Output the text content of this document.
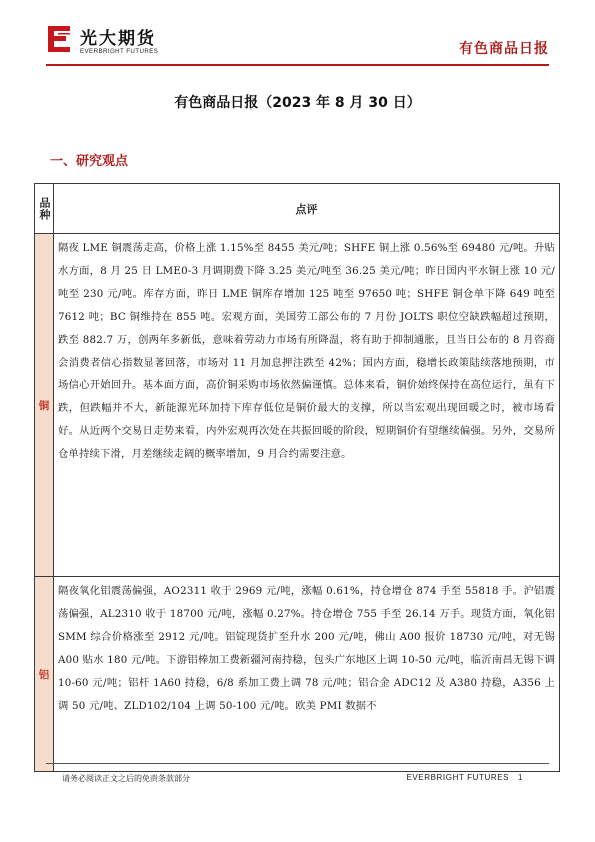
光大期货
EVERBRIGHT FUTURES	有色商品日报
有色商品日报（2023 年 8 月 30 日）
一、研究观点
品种	点评
铜	隔夜 LME 铜震荡走高，价格上涨 1.15%至 8455 美元/吨；SHFE 铜上涨 0.56%至 69480 元/吨。升贴水方面，8 月 25 日 LME0-3 月调期费下降 3.25 美元/吨至 36.25 美元/吨；昨日国内平水铜上涨 10 元/吨至 230 元/吨。库存方面，昨日 LME 铜库存增加 125 吨至 97650 吨；SHFE 铜仓单下降 649 吨至 7612 吨；BC 铜维持在 855 吨。宏观方面，美国劳工部公布的 7 月份 JOLTS 职位空缺跌幅超过预期，跌至 882.7 万，创两年多新低，意味着劳动力市场有所降温，将有助于抑制通胀，且当日公布的 8 月咨商会消费者信心指数显著回落，市场对 11 月加息押注跌至 42%；国内方面，稳增长政策陆续落地预期，市场信心开始回升。基本面方面，高价铜采购市场依然偏谨慎。总体来看，铜价始终保持在高位运行，虽有下跌，但跌幅并不大，新能源光环加持下库存低位是铜价最大的支撑，所以当宏观出现回暖之时，被市场看好。从近两个交易日走势来看，内外宏观再次处在共振回暖的阶段，短期铜价有望继续偏强。另外，交易所仓单持续下滑，月差继续走阔的概率增加，9 月合约需要注意。
铝	隔夜氧化铝震荡偏强，AO2311 收于 2969 元/吨，涨幅 0.61%，持仓增仓 874 手至 55818 手。沪铝震荡偏强，AL2310 收于 18700 元/吨，涨幅 0.27%。持仓增仓 755 手至 26.14 万手。现货方面，氧化铝 SMM 综合价格涨至 2912 元/吨。铝锭现货扩至升水 200 元/吨，佛山 A00 报价 18730 元/吨，对无锡 A00 贴水 180 元/吨。下游铝棒加工费新疆河南持稳，包头广东地区上调 10-50 元/吨，临沂南昌无锡下调 10-60 元/吨；铝杆 1A60 持稳，6/8 系加工费上调 78 元/吨；铝合金 ADC12 及 A380 持稳，A356 上调 50 元/吨、ZLD102/104 上调 50-100 元/吨。欧美 PMI 数据不
请务必阅读正文之后的免责条款部分	EVERBRIGHT FUTURES 1
